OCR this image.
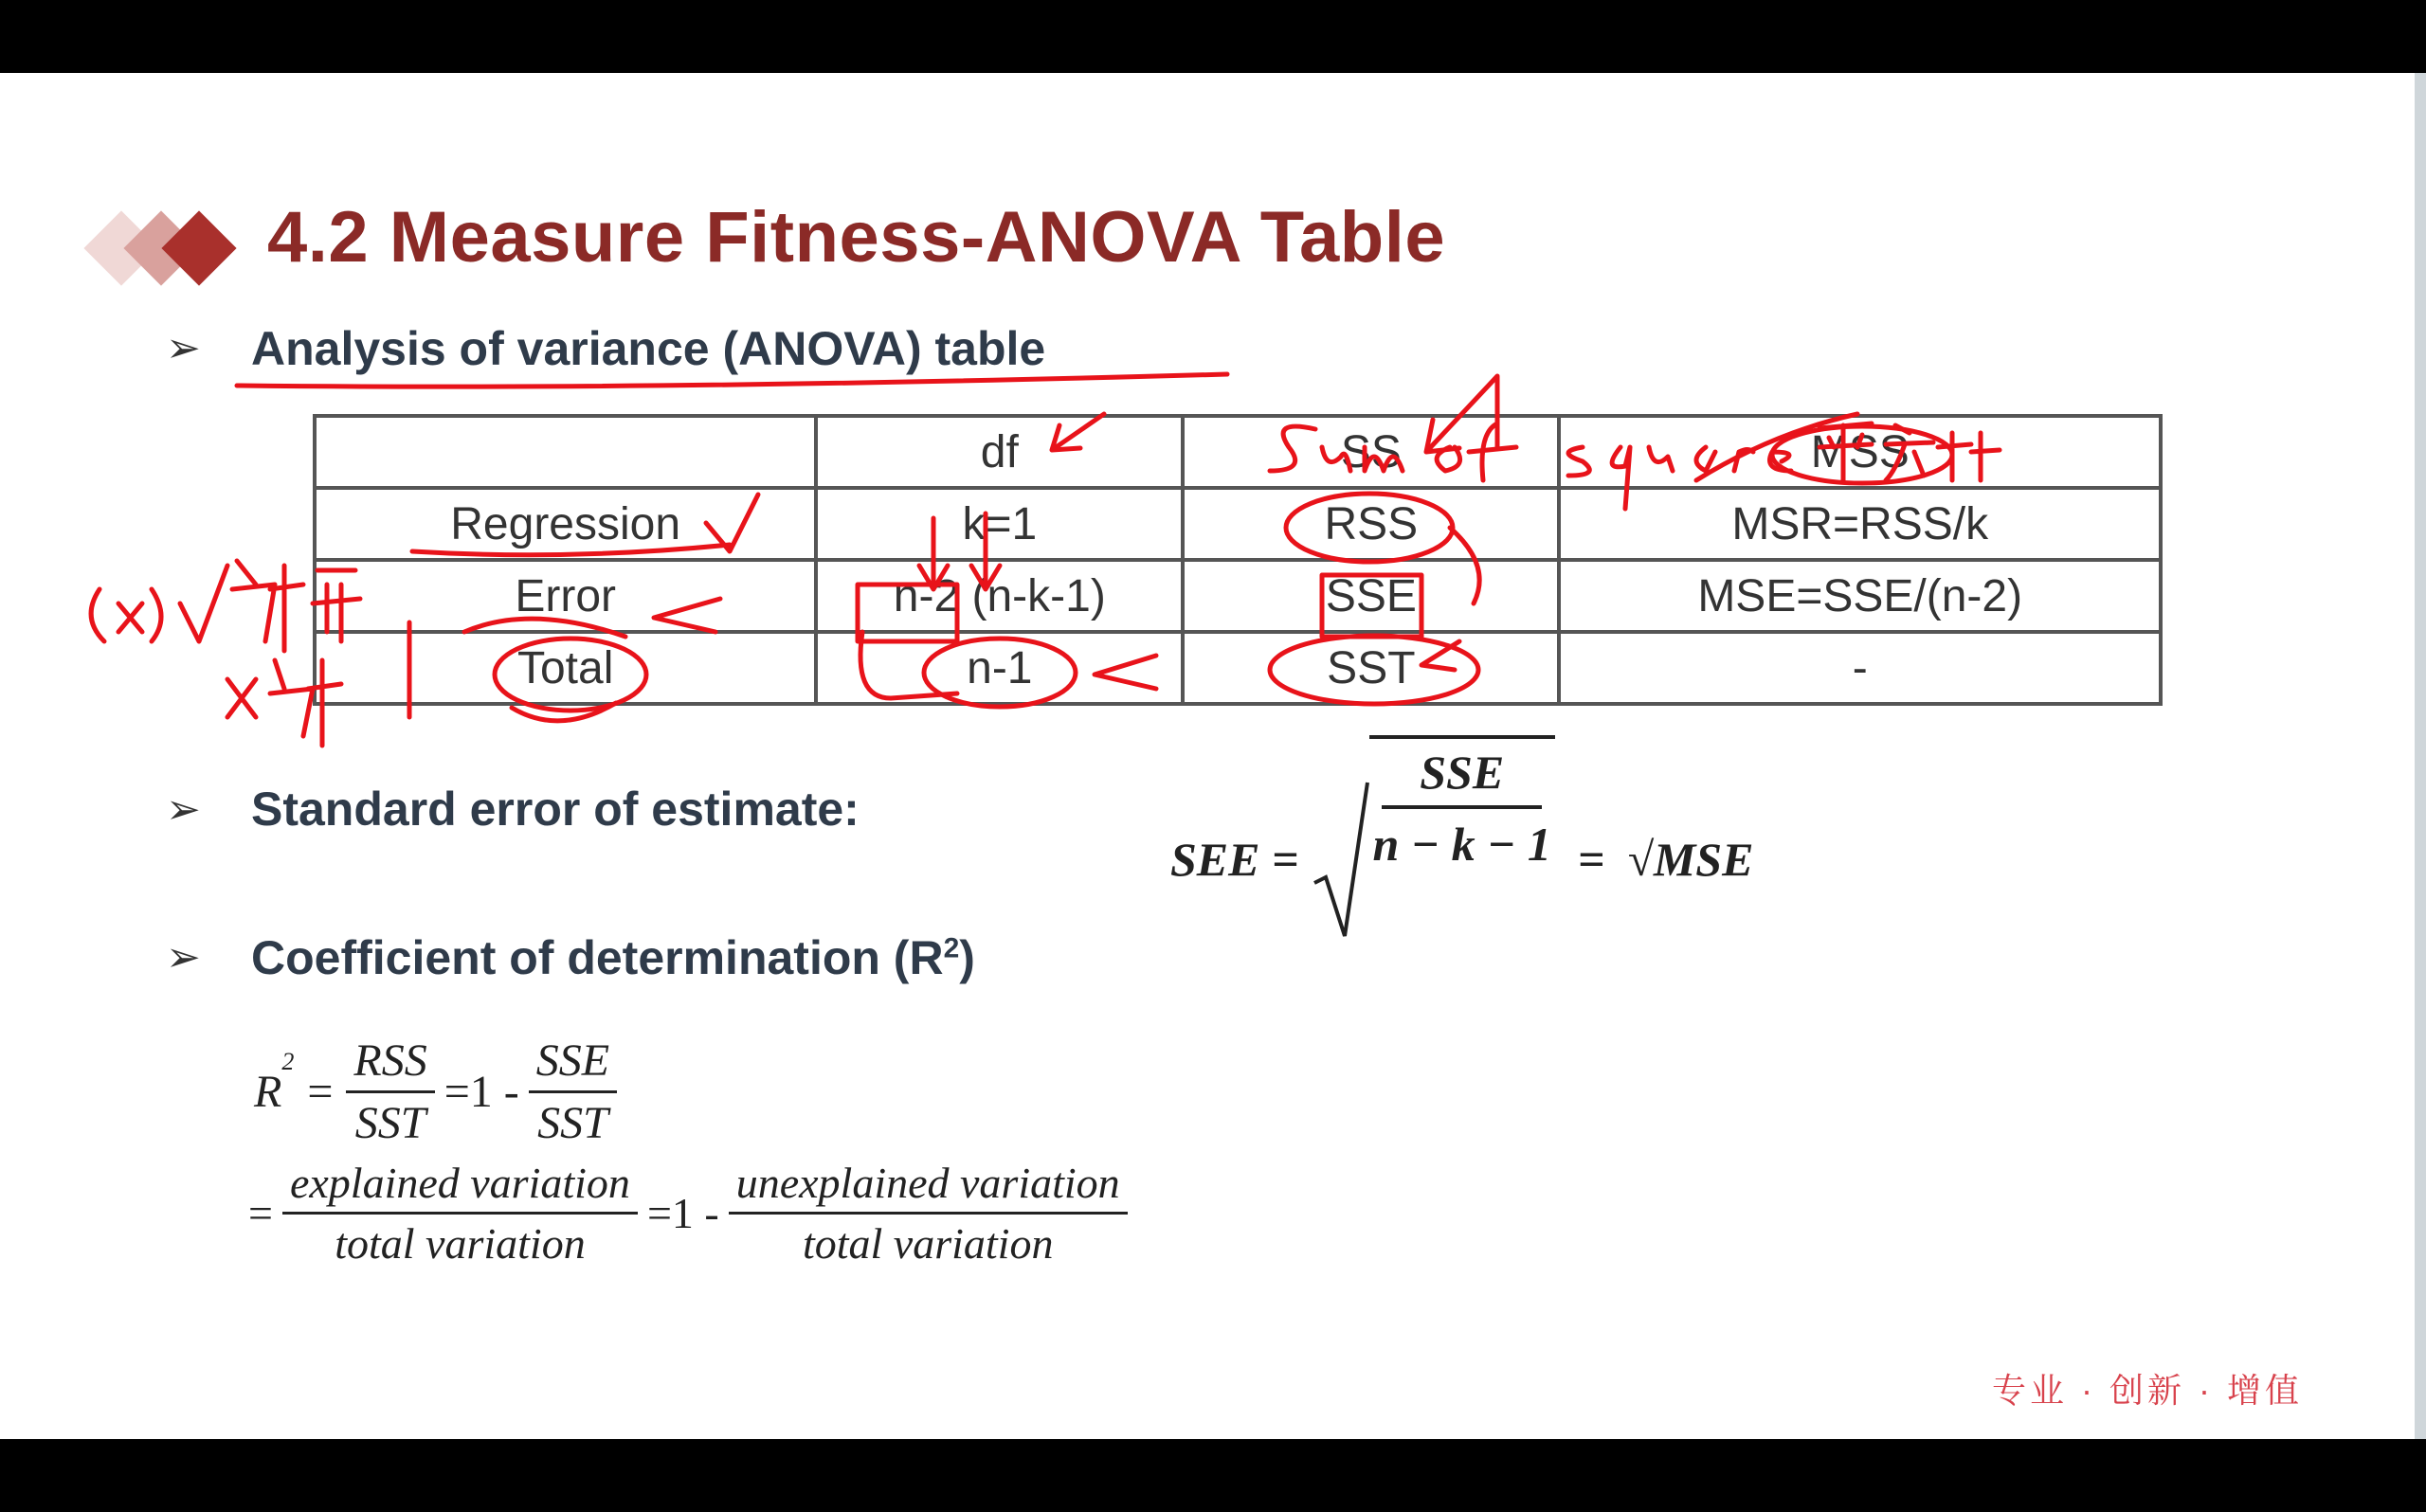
4.2 Measure Fitness-ANOVA Table
➢ Analysis of variance (ANOVA) table
	df	SS	MSS
Regression	k=1	RSS	MSR=RSS/k
Error	n-2 (n-k-1)	SSE	MSE=SSE/(n-2)
Total	n-1	SST	-
➢ Standard error of estimate:
SEE =
SSE
n − k − 1 = √MSE
➢ Coefficient of determination $(R^2)$
R
$^2$
= $\frac{\text{RSS}}{\text{SST}} =1 - \frac{\text{SSE}}{\text{SST}}$
= $\frac{\text{explained variation}}{\text{total variation}} =1 - \frac{\text{unexplained variation}}{\text{total variation}}$
专业 · 创新 · 增值
